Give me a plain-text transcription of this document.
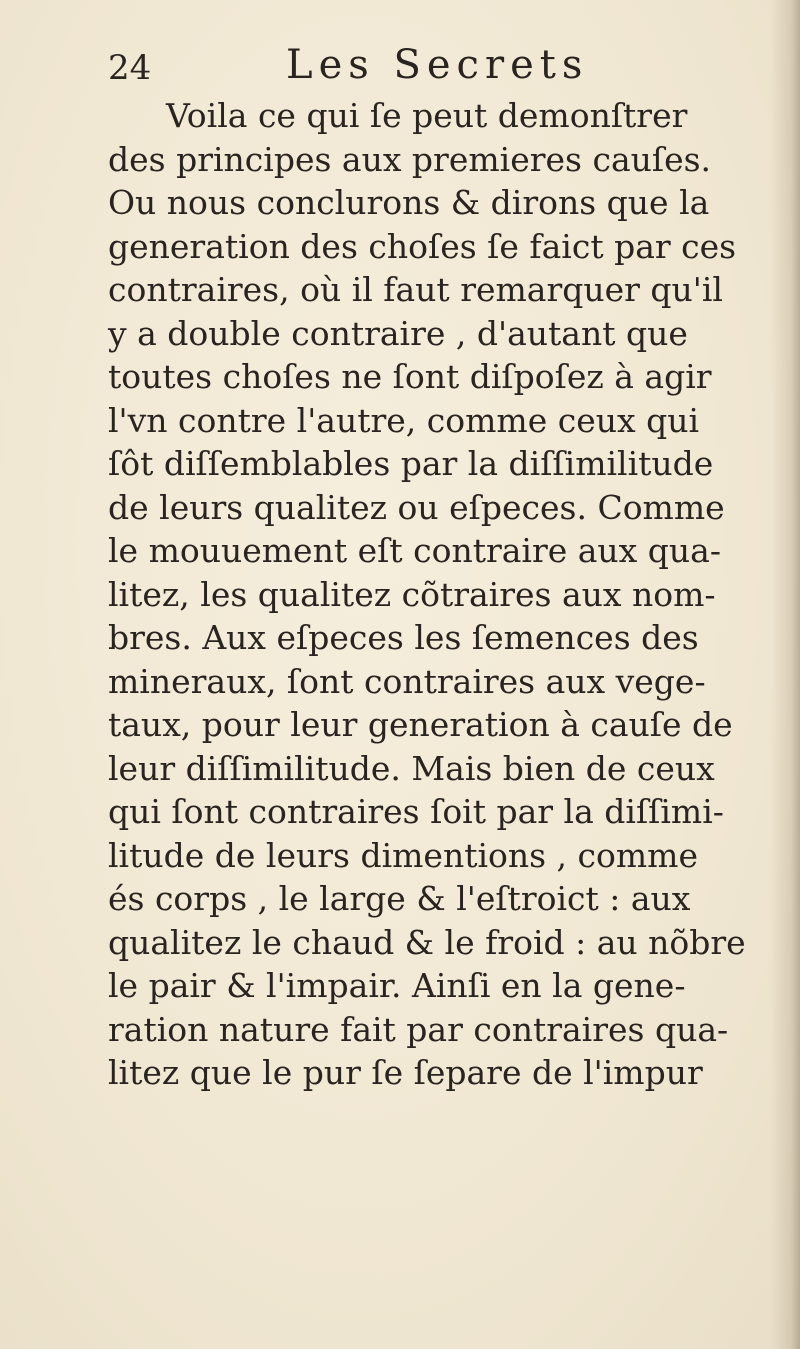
24	Les Secrets
Voila ce qui ſe peut demonſtrer
des principes aux premieres cauſes.
Ou nous conclurons & dirons que la
generation des choſes ſe faict par ces
contraires, où il faut remarquer qu'il
y a double contraire , d'autant que
toutes choſes ne ſont diſpoſez à agir
l'vn contre l'autre, comme ceux qui
ſôt diſſemblables par la diſſimilitude
de leurs qualitez ou eſpeces. Comme
le mouuement eſt contraire aux qua-
litez, les qualitez cõtraires aux nom-
bres. Aux eſpeces les ſemences des
mineraux, ſont contraires aux vege-
taux, pour leur generation à cauſe de
leur diſſimilitude. Mais bien de ceux
qui ſont contraires ſoit par la diſſimi-
litude de leurs dimentions , comme
és corps , le large & l'eſtroict : aux
qualitez le chaud & le froid : au nõbre
le pair & l'impair. Ainſi en la gene-
ration nature fait par contraires qua-
litez que le pur ſe ſepare de l'impur
